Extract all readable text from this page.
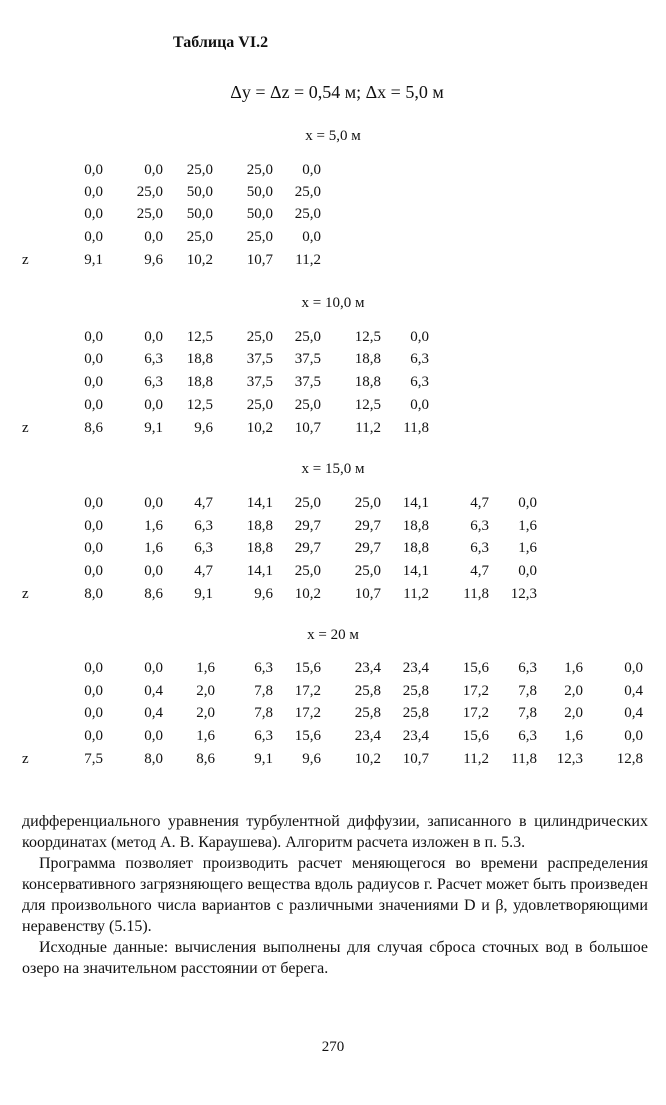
Таблица VI.2
Δy = Δz = 0,54 м; Δx = 5,0 м
x = 5,0 м
0,0	0,0	25,0	25,0	0,0
0,0	25,0	50,0	50,0	25,0
0,0	25,0	50,0	50,0	25,0
0,0	0,0	25,0	25,0	0,0
z	9,1	9,6	10,2	10,7	11,2
x = 10,0 м
0,0	0,0	12,5	25,0	25,0	12,5	0,0
0,0	6,3	18,8	37,5	37,5	18,8	6,3
0,0	6,3	18,8	37,5	37,5	18,8	6,3
0,0	0,0	12,5	25,0	25,0	12,5	0,0
z	8,6	9,1	9,6	10,2	10,7	11,2	11,8
x = 15,0 м
0,0	0,0	4,7	14,1	25,0	25,0	14,1	4,7	0,0
0,0	1,6	6,3	18,8	29,7	29,7	18,8	6,3	1,6
0,0	1,6	6,3	18,8	29,7	29,7	18,8	6,3	1,6
0,0	0,0	4,7	14,1	25,0	25,0	14,1	4,7	0,0
z	8,0	8,6	9,1	9,6	10,2	10,7	11,2	11,8	12,3
x = 20 м
0,0	0,0	1,6	6,3	15,6	23,4	23,4	15,6	6,3	1,6	0,0
0,0	0,4	2,0	7,8	17,2	25,8	25,8	17,2	7,8	2,0	0,4
0,0	0,4	2,0	7,8	17,2	25,8	25,8	17,2	7,8	2,0	0,4
0,0	0,0	1,6	6,3	15,6	23,4	23,4	15,6	6,3	1,6	0,0
z	7,5	8,0	8,6	9,1	9,6	10,2	10,7	11,2	11,8	12,3	12,8

дифференциального уравнения турбулентной диффузии, записанного в цилиндрических координатах (метод А. В. Караушева). Алгоритм расчета изложен в п. 5.3.

Программа позволяет производить расчет меняющегося во времени распределения консервативного загрязняющего вещества вдоль радиусов г. Расчет может быть произведен для произвольного числа вариантов с различными значениями D и β, удовлетворяющими неравенству (5.15).

Исходные данные: вычисления выполнены для случая сброса сточных вод в большое озеро на значительном расстоянии от берега.

270
